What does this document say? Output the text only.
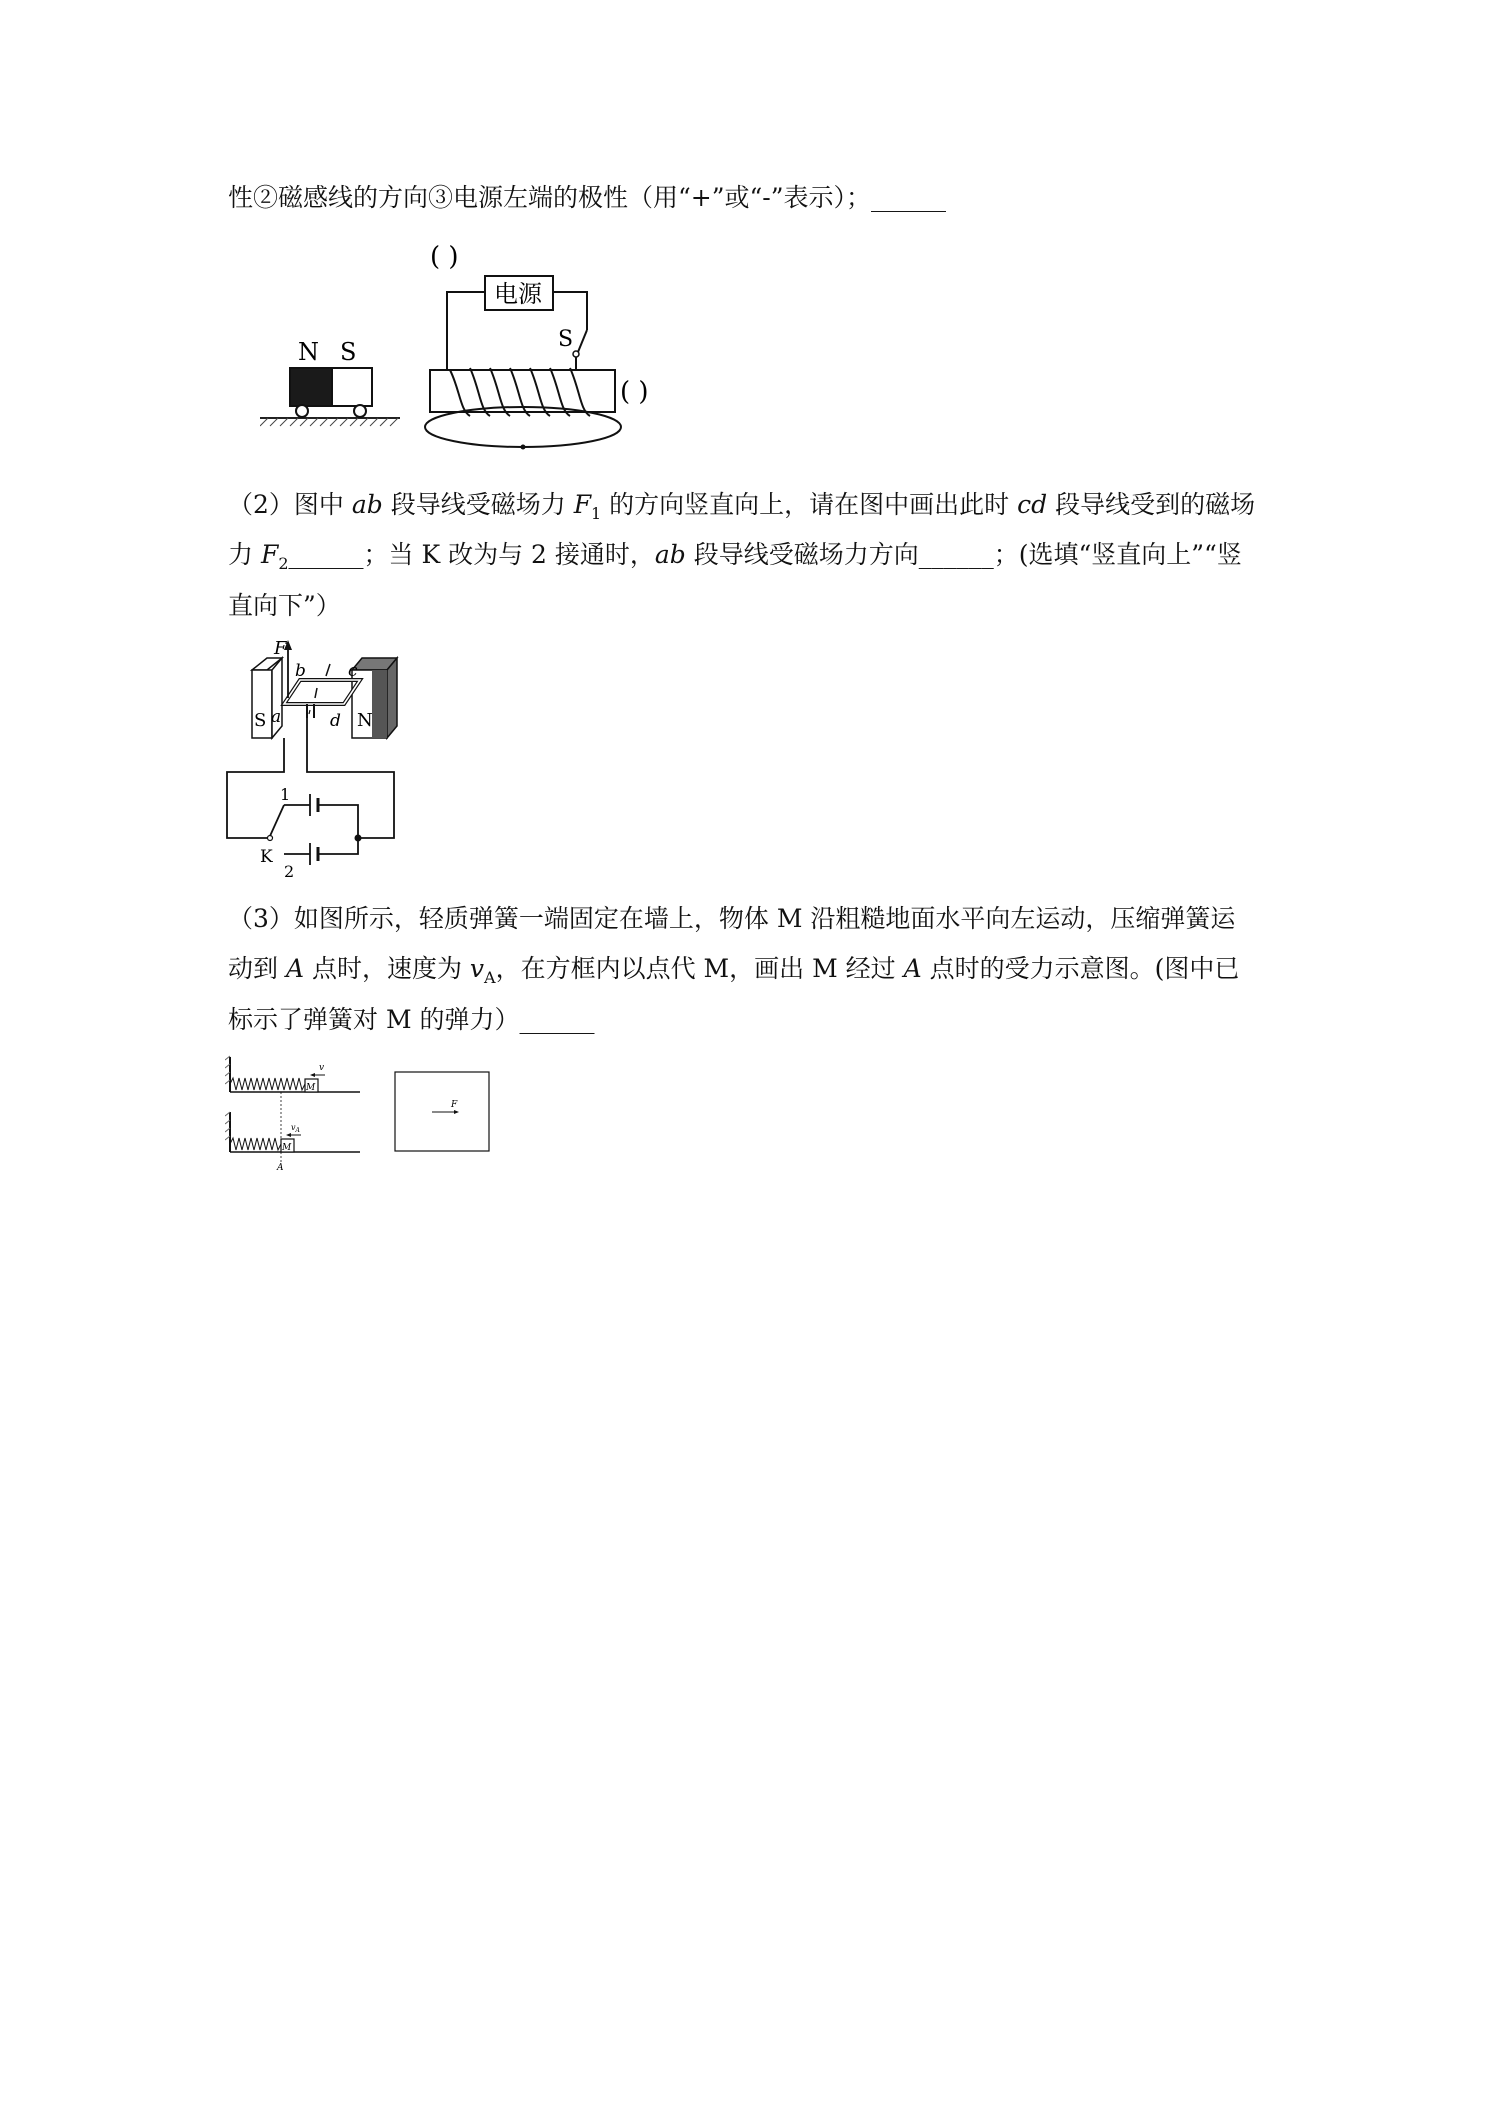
性②磁感线的方向③电源左端的极性（用“+”或“-”表示）；______
N S
( )
电源
S
( )
（2）图中 ab 段导线受磁场力 $F_1$ 的方向竖直向上，请在图中画出此时 cd 段导线受到的磁场
力 $F_2\_\_\_\_\_\_$；当 K 改为与 2 接通时，ab 段导线受磁场力方向______；(选填“竖直向上”“竖
直向下”）
S	N
F
b c
a	d
1
2
K
（3）如图所示，轻质弹簧一端固定在墙上，物体 M 沿粗糙地面水平向左运动，压缩弹簧运
动到 A 点时，速度为 $v_A$，在方框内以点代 M，画出 M 经过 A 点时的受力示意图。(图中已
标示了弹簧对 M 的弹力）______
M
v
M
$v_A$
A
F
